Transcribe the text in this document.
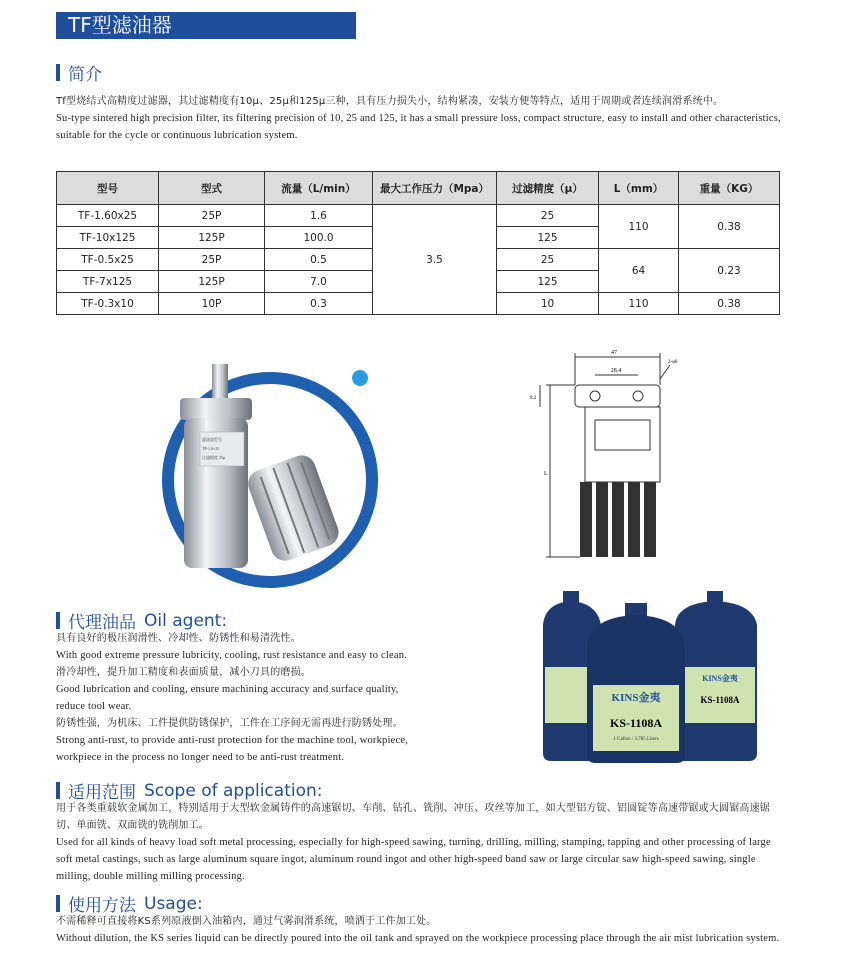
TF型滤油器
简介

Tf型烧结式高精度过滤器，其过滤精度有10μ、25μ和125μ三种，具有压力损失小，结构紧凑，安装方便等特点，适用于周期或者连续润滑系统中。

Su-type sintered high precision filter, its filtering precision of 10, 25 and 125, it has a small pressure loss, compact structure, easy to install and other characteristics, suitable for the cycle or continuous lubrication system.

型号	型式	流量（L/min）	最大工作压力（Mpa）	过滤精度（μ）	L（mm）	重量（KG）
TF-1.60x25	25P	1.6	3.5	25	110	0.38
TF-10x125	125P	100.0		125		
TF-0.5x25	25P	0.5		25	64	0.23
TF-7x125	125P	7.0		125		
TF-0.3x10	10P	0.3		10	110	0.38
滤油器型号
TF-1.6×25
过滤精度 25μ
47
28.4
2-φ8
8.2
L
KINS金夷
KS-1108A
KINS金夷
KS-1108A
1 Gallon / 3.785 Liters
代理油品 Oil agent:

具有良好的极压润滑性、冷却性、防锈性和易清洗性。

With good extreme pressure lubricity, cooling, rust resistance and easy to clean.

滑冷却性，提升加工精度和表面质量，减小刀具的磨损。

Good lubrication and cooling, ensure machining accuracy and surface quality,

reduce tool wear.

防锈性强，为机床、工件提供防锈保护，工件在工序间无需再进行防锈处理。

Strong anti-rust, to provide anti-rust protection for the machine tool, workpiece,

workpiece in the process no longer need to be anti-rust treatment.

适用范围 Scope of application:

用于各类重载软金属加工，特别适用于大型软金属铸件的高速锯切、车削、钻孔、铣削、冲压、攻丝等加工，如大型铝方锭、铝圆锭等高速带锯或大圆锯高速锯切、单面铣、双面铣的铣削加工。

Used for all kinds of heavy load soft metal processing, especially for high-speed sawing, turning, drilling, milling, stamping, tapping and other processing of large soft metal castings, such as large aluminum square ingot, aluminum round ingot and other high-speed band saw or large circular saw high-speed sawing, single milling, double milling milling processing.

使用方法 Usage:

不需稀释可直接将KS系列原液倒入油箱内，通过气雾润滑系统，喷洒于工件加工处。

Without dilution, the KS series liquid can be directly poured into the oil tank and sprayed on the workpiece processing place through the air mist lubrication system.
